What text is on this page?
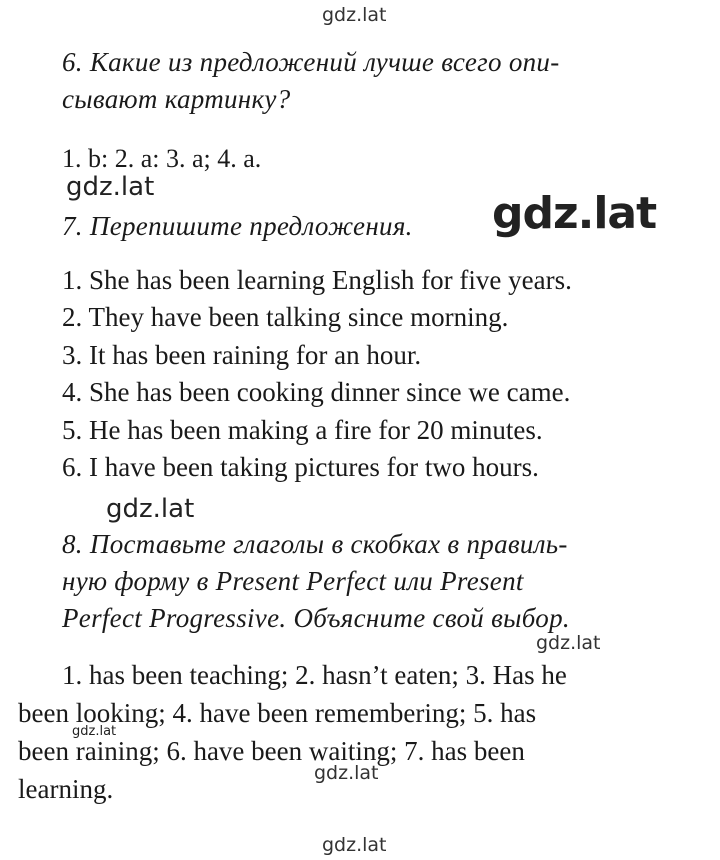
gdz.lat
6. Какие из предложений лучше всего опи-
сывают картинку?
1. b: 2. a: 3. a; 4. a.
gdz.lat
7. Перепишите предложения. gdz.lat
1. She has been learning English for five years.
2. They have been talking since morning.
3. It has been raining for an hour.
4. She has been cooking dinner since we came.
5. He has been making a fire for 20 minutes.
6. I have been taking pictures for two hours.
gdz.lat
8. Поставьте глаголы в скобках в правиль-
ную форму в Present Perfect или Present
Perfect Progressive. Объясните свой выбор.
gdz.lat
1. has been teaching; 2. hasn’t eaten; 3. Has he
been looking; 4. have been remembering; 5. has
gdz.lat
been raining; 6. have been waiting; 7. has been
gdz.lat
learning.
gdz.lat
